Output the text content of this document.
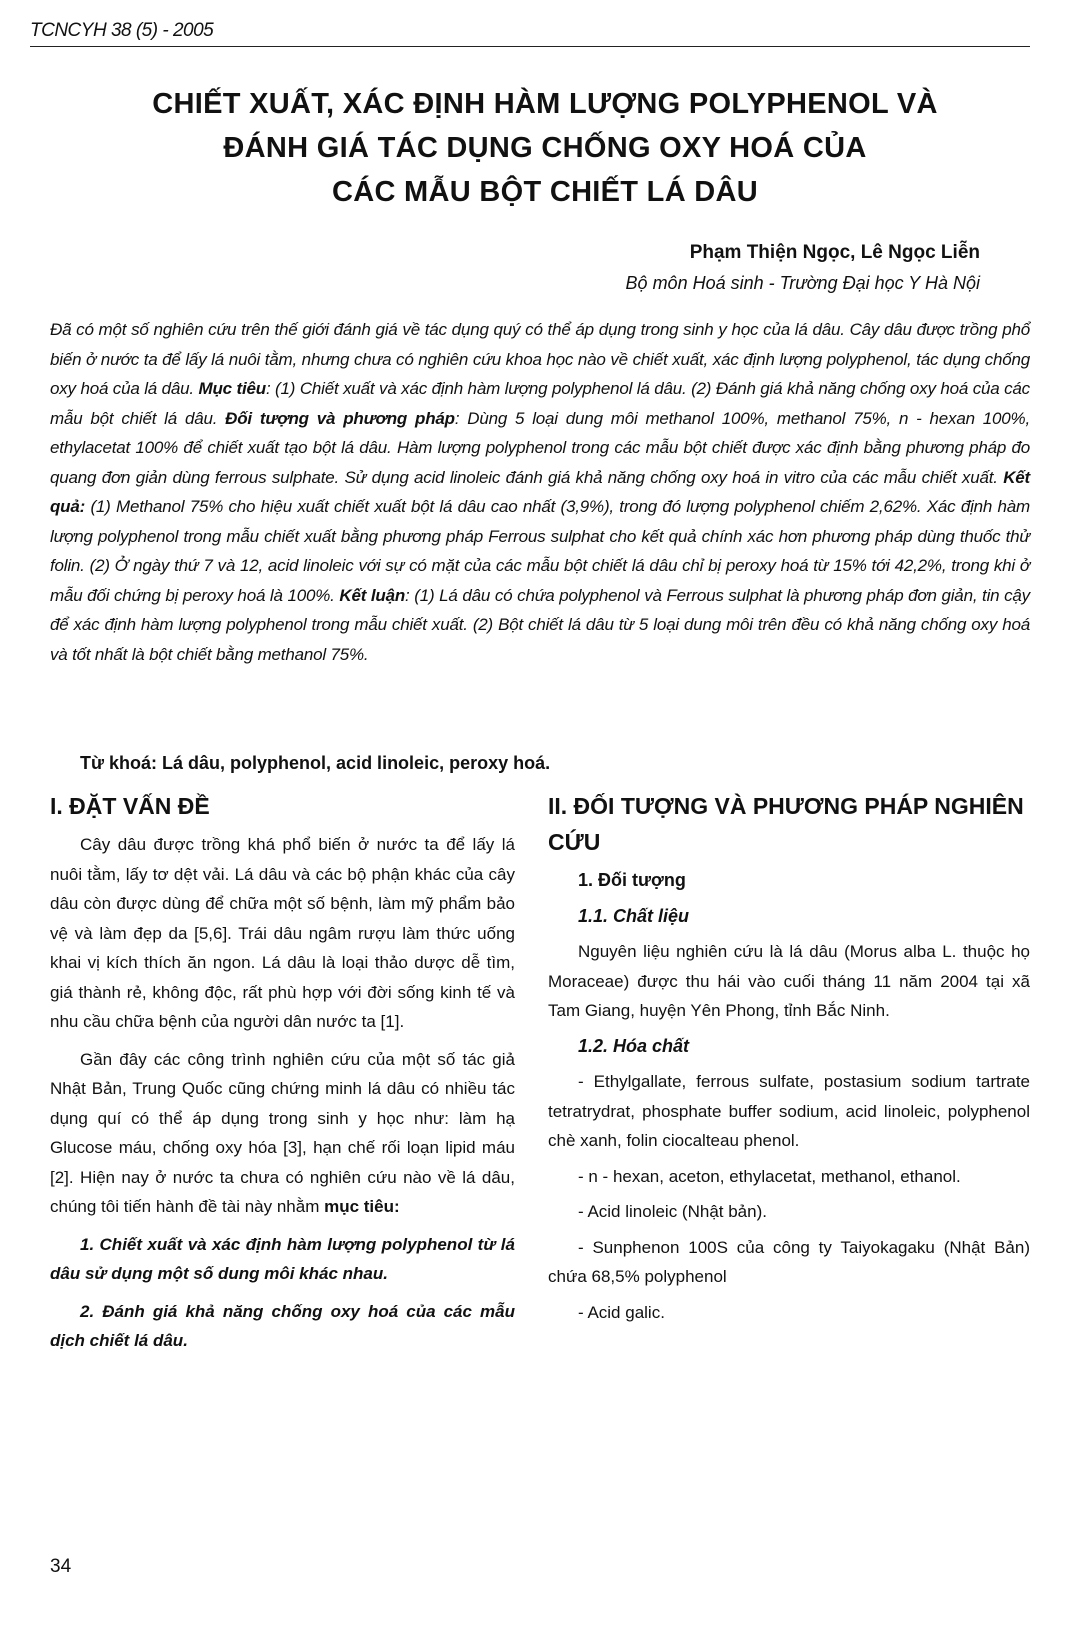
TCNCYH 38 (5) - 2005
CHIẾT XUẤT, XÁC ĐỊNH HÀM LƯỢNG POLYPHENOL VÀ
ĐÁNH GIÁ TÁC DỤNG CHỐNG OXY HOÁ CỦA
CÁC MẪU BỘT CHIẾT LÁ DÂU
Phạm Thiện Ngọc, Lê Ngọc Liễn
Bộ môn Hoá sinh - Trường Đại học Y Hà Nội
Đã có một số nghiên cứu trên thế giới đánh giá về tác dụng quý có thể áp dụng trong sinh y học của lá dâu. Cây dâu được trồng phổ biến ở nước ta để lấy lá nuôi tằm, nhưng chưa có nghiên cứu khoa học nào về chiết xuất, xác định lượng polyphenol, tác dụng chống oxy hoá của lá dâu. Mục tiêu: (1) Chiết xuất và xác định hàm lượng polyphenol lá dâu. (2) Đánh giá khả năng chống oxy hoá của các mẫu bột chiết lá dâu. Đối tượng và phương pháp: Dùng 5 loại dung môi methanol 100%, methanol 75%, n - hexan 100%, ethylacetat 100% để chiết xuất tạo bột lá dâu. Hàm lượng polyphenol trong các mẫu bột chiết được xác định bằng phương pháp đo quang đơn giản dùng ferrous sulphate. Sử dụng acid linoleic đánh giá khả năng chống oxy hoá in vitro của các mẫu chiết xuất. Kết quả: (1) Methanol 75% cho hiệu xuất chiết xuất bột lá dâu cao nhất (3,9%), trong đó lượng polyphenol chiếm 2,62%. Xác định hàm lượng polyphenol trong mẫu chiết xuất bằng phương pháp Ferrous sulphat cho kết quả chính xác hơn phương pháp dùng thuốc thử folin. (2) Ở ngày thứ 7 và 12, acid linoleic với sự có mặt của các mẫu bột chiết lá dâu chỉ bị peroxy hoá từ 15% tới 42,2%, trong khi ở mẫu đối chứng bị peroxy hoá là 100%. Kết luận: (1) Lá dâu có chứa polyphenol và Ferrous sulphat là phương pháp đơn giản, tin cậy để xác định hàm lượng polyphenol trong mẫu chiết xuất. (2) Bột chiết lá dâu từ 5 loại dung môi trên đều có khả năng chống oxy hoá và tốt nhất là bột chiết bằng methanol 75%.
Từ khoá: Lá dâu, polyphenol, acid linoleic, peroxy hoá.
I. ĐẶT VẤN ĐỀ
Cây dâu được trồng khá phổ biến ở nước ta để lấy lá nuôi tằm, lấy tơ dệt vải. Lá dâu và các bộ phận khác của cây dâu còn được dùng để chữa một số bệnh, làm mỹ phẩm bảo vệ và làm đẹp da [5,6]. Trái dâu ngâm rượu làm thức uống khai vị kích thích ăn ngon. Lá dâu là loại thảo dược dễ tìm, giá thành rẻ, không độc, rất phù hợp với đời sống kinh tế và nhu cầu chữa bệnh của người dân nước ta [1].
Gần đây các công trình nghiên cứu của một số tác giả Nhật Bản, Trung Quốc cũng chứng minh lá dâu có nhiều tác dụng quí có thể áp dụng trong sinh y học như: làm hạ Glucose máu, chống oxy hóa [3], hạn chế rối loạn lipid máu [2]. Hiện nay ở nước ta chưa có nghiên cứu nào về lá dâu, chúng tôi tiến hành đề tài này nhằm mục tiêu:
1. Chiết xuất và xác định hàm lượng polyphenol từ lá dâu sử dụng một số dung môi khác nhau.
2. Đánh giá khả năng chống oxy hoá của các mẫu dịch chiết lá dâu.
II. ĐỐI TƯỢNG VÀ PHƯƠNG PHÁP NGHIÊN CỨU
1. Đối tượng
1.1. Chất liệu
Nguyên liệu nghiên cứu là lá dâu (Morus alba L. thuộc họ Moraceae) được thu hái vào cuối tháng 11 năm 2004 tại xã Tam Giang, huyện Yên Phong, tỉnh Bắc Ninh.
1.2. Hóa chất
- Ethylgallate, ferrous sulfate, postasium sodium tartrate tetratrydrat, phosphate buffer sodium, acid linoleic, polyphenol chè xanh, folin ciocalteau phenol.
- n - hexan, aceton, ethylacetat, methanol, ethanol.
- Acid linoleic (Nhật bản).
- Sunphenon 100S của công ty Taiyokagaku (Nhật Bản) chứa 68,5% polyphenol
- Acid galic.
34
